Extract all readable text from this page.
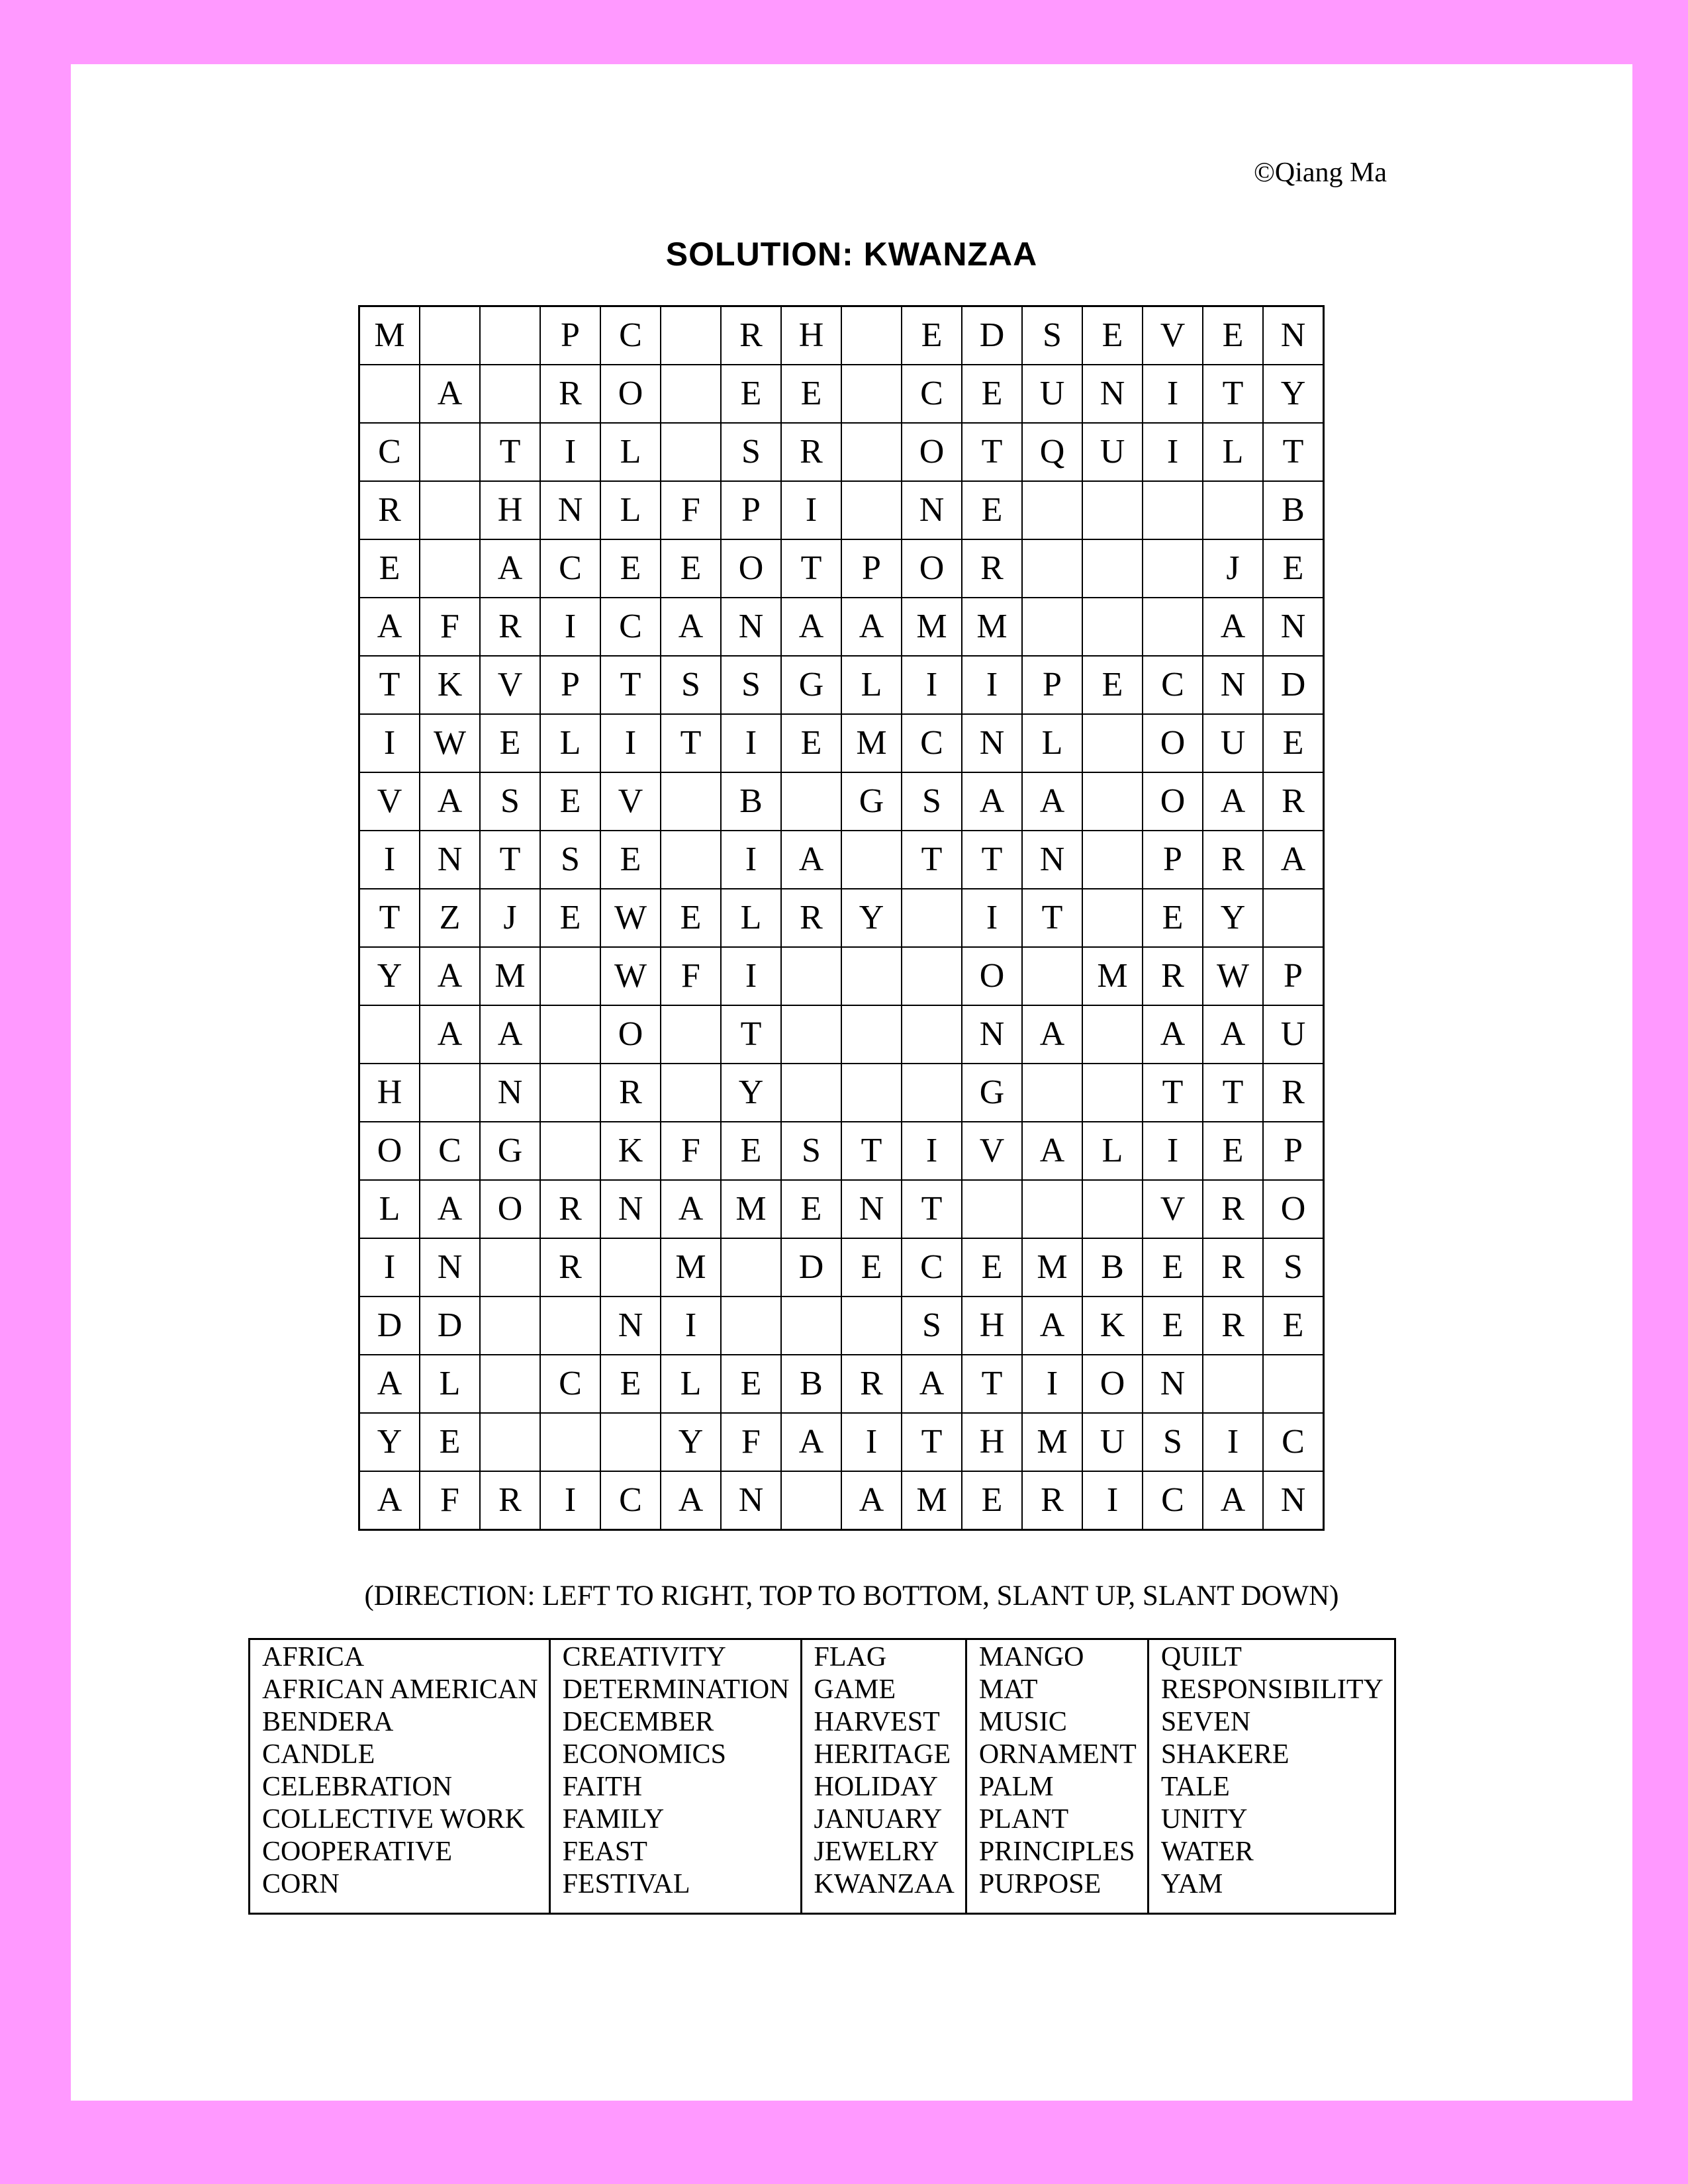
©Qiang Ma
SOLUTION: KWANZAA
M			P	C		R	H		E	D	S	E	V	E	N
	A		R	O		E	E		C	E	U	N	I	T	Y
C		T	I	L		S	R		O	T	Q	U	I	L	T
R		H	N	L	F	P	I		N	E					B
E		A	C	E	E	O	T	P	O	R				J	E
A	F	R	I	C	A	N	A	A	M	M				A	N
T	K	V	P	T	S	S	G	L	I	I	P	E	C	N	D
I	W	E	L	I	T	I	E	M	C	N	L		O	U	E
V	A	S	E	V		B		G	S	A	A		O	A	R
I	N	T	S	E		I	A		T	T	N		P	R	A
T	Z	J	E	W	E	L	R	Y		I	T		E	Y	
Y	A	M		W	F	I				O		M	R	W	P
	A	A		O		T				N	A		A	A	U
H		N		R		Y				G			T	T	R
O	C	G		K	F	E	S	T	I	V	A	L	I	E	P
L	A	O	R	N	A	M	E	N	T				V	R	O
I	N		R		M		D	E	C	E	M	B	E	R	S
D	D			N	I				S	H	A	K	E	R	E
A	L		C	E	L	E	B	R	A	T	I	O	N		
Y	E				Y	F	A	I	T	H	M	U	S	I	C
A	F	R	I	C	A	N		A	M	E	R	I	C	A	N
(DIRECTION: LEFT TO RIGHT, TOP TO BOTTOM, SLANT UP, SLANT DOWN)
AFRICA
AFRICAN AMERICAN
BENDERA
CANDLE
CELEBRATION
COLLECTIVE WORK
COOPERATIVE
CORN

CREATIVITY
DETERMINATION
DECEMBER
ECONOMICS
FAITH
FAMILY
FEAST
FESTIVAL

FLAG
GAME
HARVEST
HERITAGE
HOLIDAY
JANUARY
JEWELRY
KWANZAA

MANGO
MAT
MUSIC
ORNAMENT
PALM
PLANT
PRINCIPLES
PURPOSE

QUILT
RESPONSIBILITY
SEVEN
SHAKERE
TALE
UNITY
WATER
YAM
